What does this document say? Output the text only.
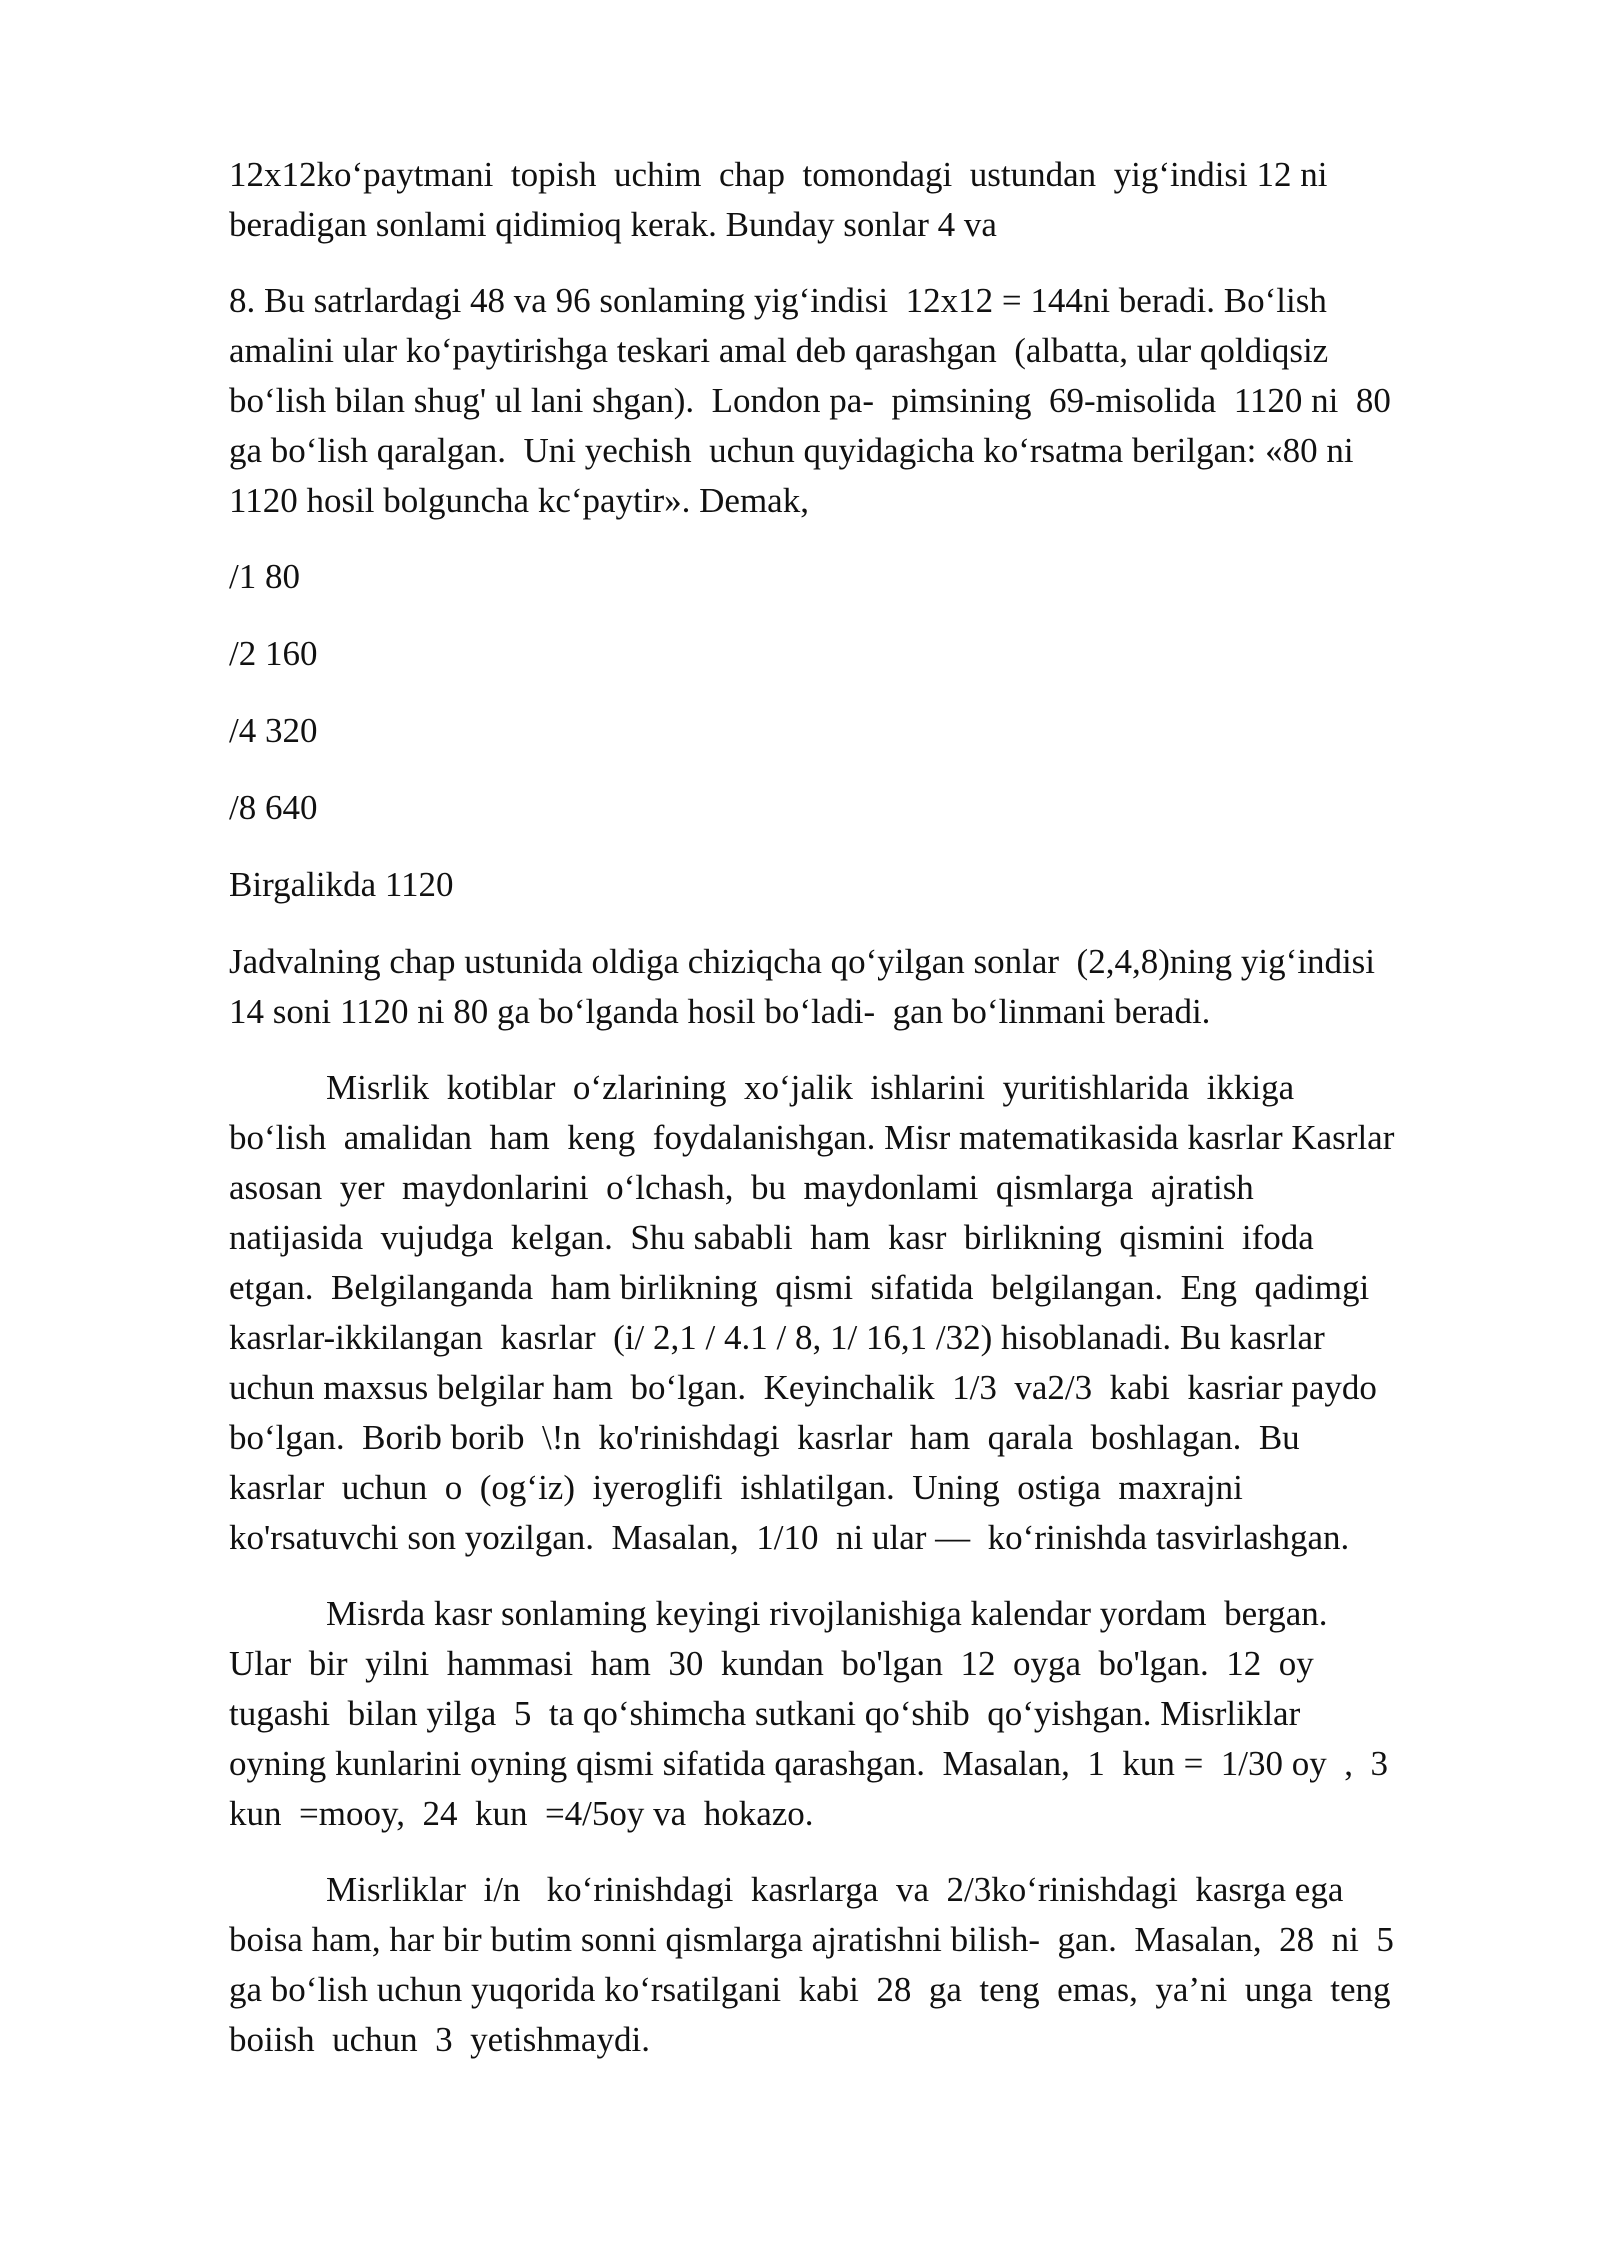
12x12ko‘paytmani  topish  uchim  chap  tomondagi  ustundan  yig‘indisi 12 ni
beradigan sonlami qidimioq kerak. Bunday sonlar 4 va

8. Bu satrlardagi 48 va 96 sonlaming yig‘indisi  12x12 = 144ni beradi. Bo‘lish
amalini ular ko‘paytirishga teskari amal deb qarashgan  (albatta, ular qoldiqsiz
bo‘lish bilan shug' ul lani shgan).  London pa-  pimsining  69-misolida  1120 ni  80
ga bo‘lish qaralgan.  Uni yechish  uchun quyidagicha ko‘rsatma berilgan: «80 ni
1120 hosil bolguncha kc‘paytir». Demak,

/1 80

/2 160

/4 320

/8 640

Birgalikda 1120

Jadvalning chap ustunida oldiga chiziqcha qo‘yilgan sonlar  (2,4,8)ning yig‘indisi
14 soni 1120 ni 80 ga bo‘lganda hosil bo‘ladi-  gan bo‘linmani beradi.

Misrlik  kotiblar  o‘zlarining  xo‘jalik  ishlarini  yuritishlarida  ikkiga
bo‘lish  amalidan  ham  keng  foydalanishgan. Misr matematikasida kasrlar Kasrlar
asosan  yer  maydonlarini  o‘lchash,  bu  maydonlami  qismlarga  ajratish
natijasida  vujudga  kelgan.  Shu sababli  ham  kasr  birlikning  qismini  ifoda
etgan.  Belgilanganda  ham birlikning  qismi  sifatida  belgilangan.  Eng  qadimgi
kasrlar-ikkilangan  kasrlar  (i/ 2,1 / 4.1 / 8, 1/ 16,1 /32) hisoblanadi. Bu kasrlar
uchun maxsus belgilar ham  bo‘lgan.  Keyinchalik  1/3  va2/3  kabi  kasriar paydo
bo‘lgan.  Borib borib  \!n  ko'rinishdagi  kasrlar  ham  qarala  boshlagan.  Bu
kasrlar  uchun  o  (og‘iz)  iyeroglifi  ishlatilgan.  Uning  ostiga  maxrajni
ko'rsatuvchi son yozilgan.  Masalan,  1/10  ni ular —  ko‘rinishda tasvirlashgan.

Misrda kasr sonlaming keyingi rivojlanishiga kalendar yordam  bergan.
Ular  bir  yilni  hammasi  ham  30  kundan  bo'lgan  12  oyga  bo'lgan.  12  oy
tugashi  bilan yilga  5  ta qo‘shimcha sutkani qo‘shib  qo‘yishgan. Misrliklar
oyning kunlarini oyning qismi sifatida qarashgan.  Masalan,  1  kun =  1/30 oy  ,  3
kun  =mooy,  24  kun  =4/5oy va  hokazo.

Misrliklar  i/n   ko‘rinishdagi  kasrlarga  va  2/3ko‘rinishdagi  kasrga ega
boisa ham, har bir butim sonni qismlarga ajratishni bilish-  gan.  Masalan,  28  ni  5
ga bo‘lish uchun yuqorida ko‘rsatilgani  kabi  28  ga  teng  emas,  ya’ni  unga  teng
boiish  uchun  3  yetishmaydi.
